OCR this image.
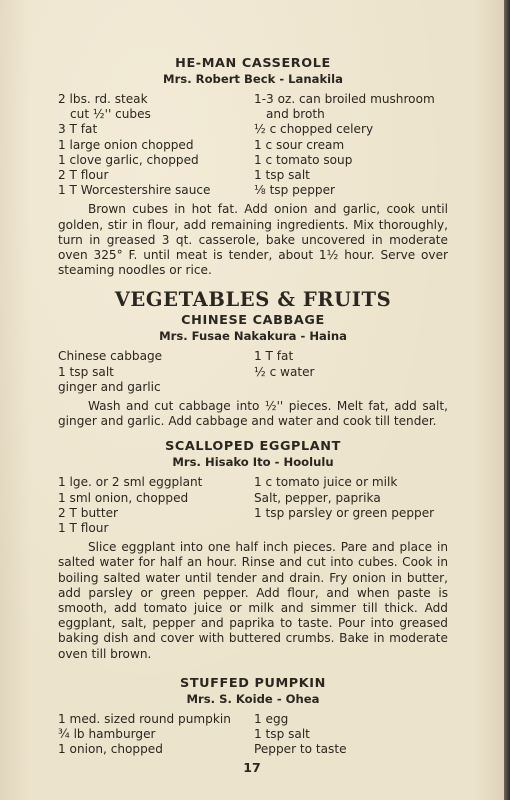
HE-MAN CASSEROLE
Mrs. Robert Beck - Lanakila
2 lbs. rd. steak
cut ½'' cubes
3 T fat
1 large onion chopped
1 clove garlic, chopped
2 T flour
1 T Worcestershire sauce
1-3 oz. can broiled mushroom
and broth
½ c chopped celery
1 c sour cream
1 c tomato soup
1 tsp salt
⅛ tsp pepper
Brown cubes in hot fat. Add onion and garlic, cook until golden, stir in flour, add remaining ingredients. Mix thoroughly, turn in greased 3 qt. casserole, bake uncovered in moderate oven 325° F. until meat is tender, about 1½ hour. Serve over steaming noodles or rice.
VEGETABLES & FRUITS
CHINESE CABBAGE
Mrs. Fusae Nakakura - Haina
Chinese cabbage
1 tsp salt
ginger and garlic
1 T fat
½ c water
Wash and cut cabbage into ½'' pieces. Melt fat, add salt, ginger and garlic. Add cabbage and water and cook till tender.
SCALLOPED EGGPLANT
Mrs. Hisako Ito - Hoolulu
1 lge. or 2 sml eggplant
1 sml onion, chopped
2 T butter
1 T flour
1 c tomato juice or milk
Salt, pepper, paprika
1 tsp parsley or green pepper
Slice eggplant into one half inch pieces. Pare and place in salted water for half an hour. Rinse and cut into cubes. Cook in boiling salted water until tender and drain. Fry onion in butter, add parsley or green pepper. Add flour, and when paste is smooth, add tomato juice or milk and simmer till thick. Add eggplant, salt, pepper and paprika to taste. Pour into greased baking dish and cover with buttered crumbs. Bake in moderate oven till brown.
STUFFED PUMPKIN
Mrs. S. Koide - Ohea
1 med. sized round pumpkin
¾ lb hamburger
1 onion, chopped
1 egg
1 tsp salt
Pepper to taste
17
